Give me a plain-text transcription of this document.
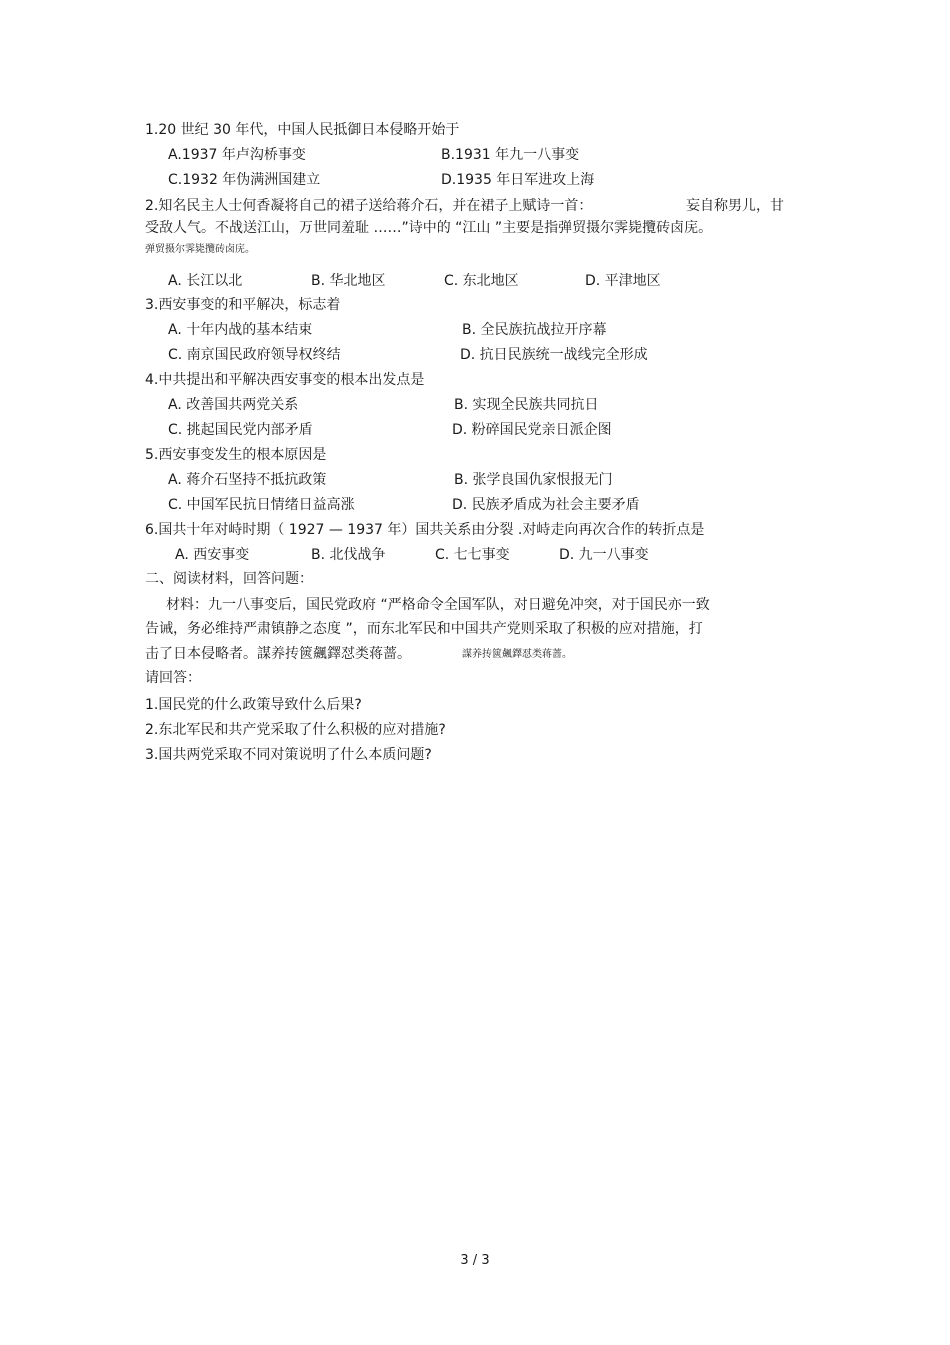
1.20 世纪 30 年代，中国人民抵御日本侵略开始于
A.1937 年卢沟桥事变	B.1931 年九一八事变
C.1932 年伪满洲国建立	D.1935 年日军进攻上海
2.知名民主人士何香凝将自己的裙子送给蒋介石，并在裙子上赋诗一首：	妄自称男儿，甘
受敌人气。不战送江山，万世同羞耻 ……”诗中的 “江山 ”主要是指弹贸摄尔霁毙攬砖卤庑。
弹贸摄尔霁毙攬砖卤庑。
A. 长江以北	B. 华北地区	C. 东北地区	D. 平津地区
3.西安事变的和平解决，标志着
A. 十年内战的基本结束	B. 全民族抗战拉开序幕
C. 南京国民政府领导权终结	D. 抗日民族统一战线完全形成
4.中共提出和平解决西安事变的根本出发点是
A. 改善国共两党关系	B. 实现全民族共同抗日
C. 挑起国民党内部矛盾	D. 粉碎国民党亲日派企图
5.西安事变发生的根本原因是
A. 蒋介石坚持不抵抗政策	B. 张学良国仇家恨报无门
C. 中国军民抗日情绪日益高涨	D. 民族矛盾成为社会主要矛盾
6.国共十年对峙时期（ 1927 — 1937 年）国共关系由分裂 .对峙走向再次合作的转折点是
A. 西安事变	B. 北伐战争	C. 七七事变	D. 九一八事变
二、阅读材料，回答问题：
材料：九一八事变后，国民党政府 “严格命令全国军队，对日避免冲突，对于国民亦一致
告诫，务必维持严肃镇静之态度 ”，而东北军民和中国共产党则采取了积极的应对措施，打
击了日本侵略者。謀养抟篋飆鐸怼类蒋蔷。	謀养抟篋飆鐸怼类蒋蔷。
请回答：
1.国民党的什么政策导致什么后果?
2.东北军民和共产党采取了什么积极的应对措施?
3.国共两党采取不同对策说明了什么本质问题?
3 / 3
